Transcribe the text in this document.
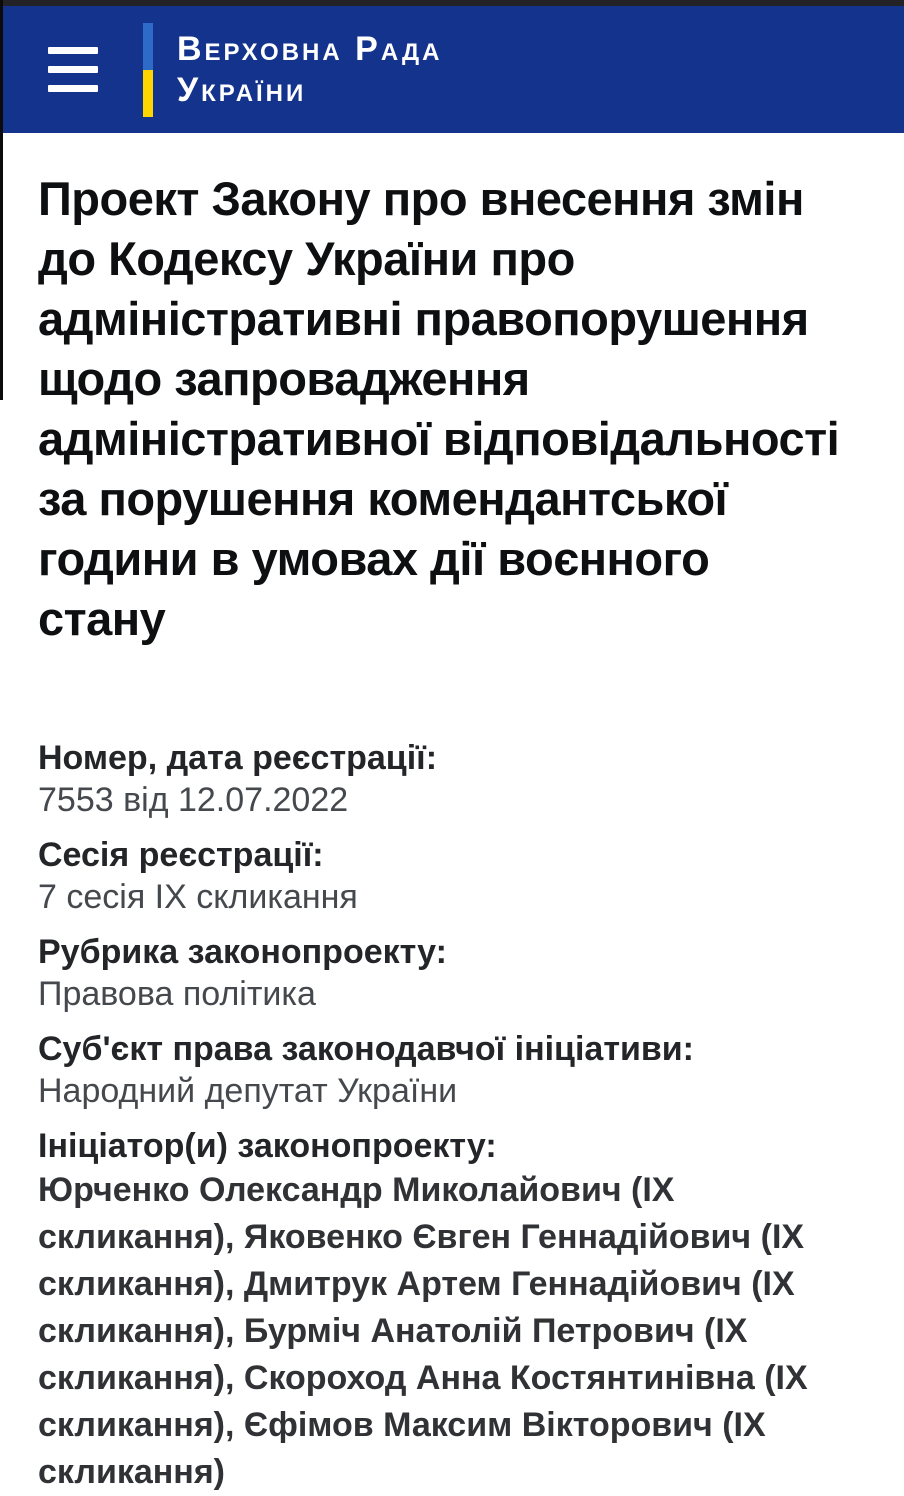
Верховна Рада
України
Проект Закону про внесення змін до Кодексу України про адміністративні правопорушення щодо запровадження адміністративної відповідальності за порушення комендантської години в умовах дії воєнного стану
Номер, дата реєстрації:
7553 від 12.07.2022
Сесія реєстрації:
7 сесія IX скликання
Рубрика законопроекту:
Правова політика
Суб'єкт права законодавчої ініціативи:
Народний депутат України
Ініціатор(и) законопроекту:
Юрченко Олександр Миколайович (IX скликання), Яковенко Євген Геннадійович (IX скликання), Дмитрук Артем Геннадійович (IX скликання), Бурміч Анатолій Петрович (IX скликання), Скороход Анна Костянтинівна (IX скликання), Єфімов Максим Вікторович (IX скликання)
